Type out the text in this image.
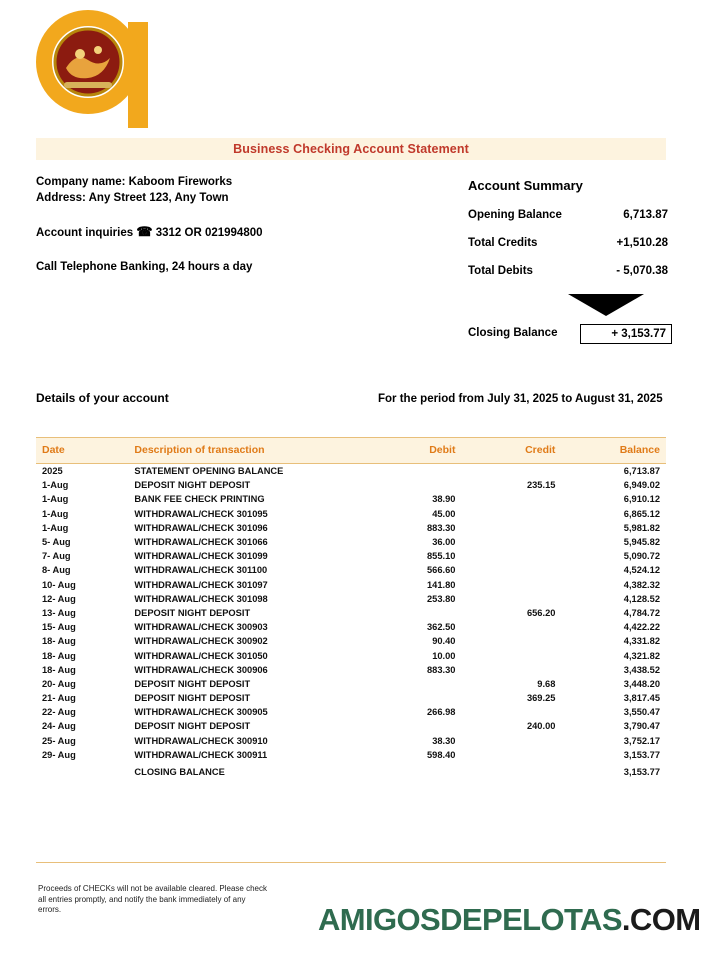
Business Checking Account Statement
Company name: Kaboom Fireworks
Address: Any Street 123, Any Town
Account inquiries ☎ 3312 OR 021994800
Call Telephone Banking, 24 hours a day
Account Summary
Opening Balance	6,713.87
Total Credits	+1,510.28
Total Debits	- 5,070.38
Closing Balance	+ 3,153.77
Details of your account	For the period from July 31, 2025 to August 31, 2025
Date	Description of transaction	Debit	Credit	Balance
2025	STATEMENT OPENING BALANCE			6,713.87
1-Aug	DEPOSIT NIGHT DEPOSIT		235.15	6,949.02
1-Aug	BANK FEE CHECK PRINTING	38.90		6,910.12
1-Aug	WITHDRAWAL/CHECK 301095	45.00		6,865.12
1-Aug	WITHDRAWAL/CHECK 301096	883.30		5,981.82
5- Aug	WITHDRAWAL/CHECK 301066	36.00		5,945.82
7- Aug	WITHDRAWAL/CHECK 301099	855.10		5,090.72
8- Aug	WITHDRAWAL/CHECK 301100	566.60		4,524.12
10- Aug	WITHDRAWAL/CHECK 301097	141.80		4,382.32
12- Aug	WITHDRAWAL/CHECK 301098	253.80		4,128.52
13- Aug	DEPOSIT NIGHT DEPOSIT		656.20	4,784.72
15- Aug	WITHDRAWAL/CHECK 300903	362.50		4,422.22
18- Aug	WITHDRAWAL/CHECK 300902	90.40		4,331.82
18- Aug	WITHDRAWAL/CHECK 301050	10.00		4,321.82
18- Aug	WITHDRAWAL/CHECK 300906	883.30		3,438.52
20- Aug	DEPOSIT NIGHT DEPOSIT		9.68	3,448.20
21- Aug	DEPOSIT NIGHT DEPOSIT		369.25	3,817.45
22- Aug	WITHDRAWAL/CHECK 300905	266.98		3,550.47
24- Aug	DEPOSIT NIGHT DEPOSIT		240.00	3,790.47
25- Aug	WITHDRAWAL/CHECK 300910	38.30		3,752.17
29- Aug	WITHDRAWAL/CHECK 300911	598.40		3,153.77
	CLOSING BALANCE			3,153.77
Proceeds of CHECKs will not be available cleared. Please check all entries promptly, and notify the bank immediately of any errors.	AMIGOSDEPELOTAS.COM
